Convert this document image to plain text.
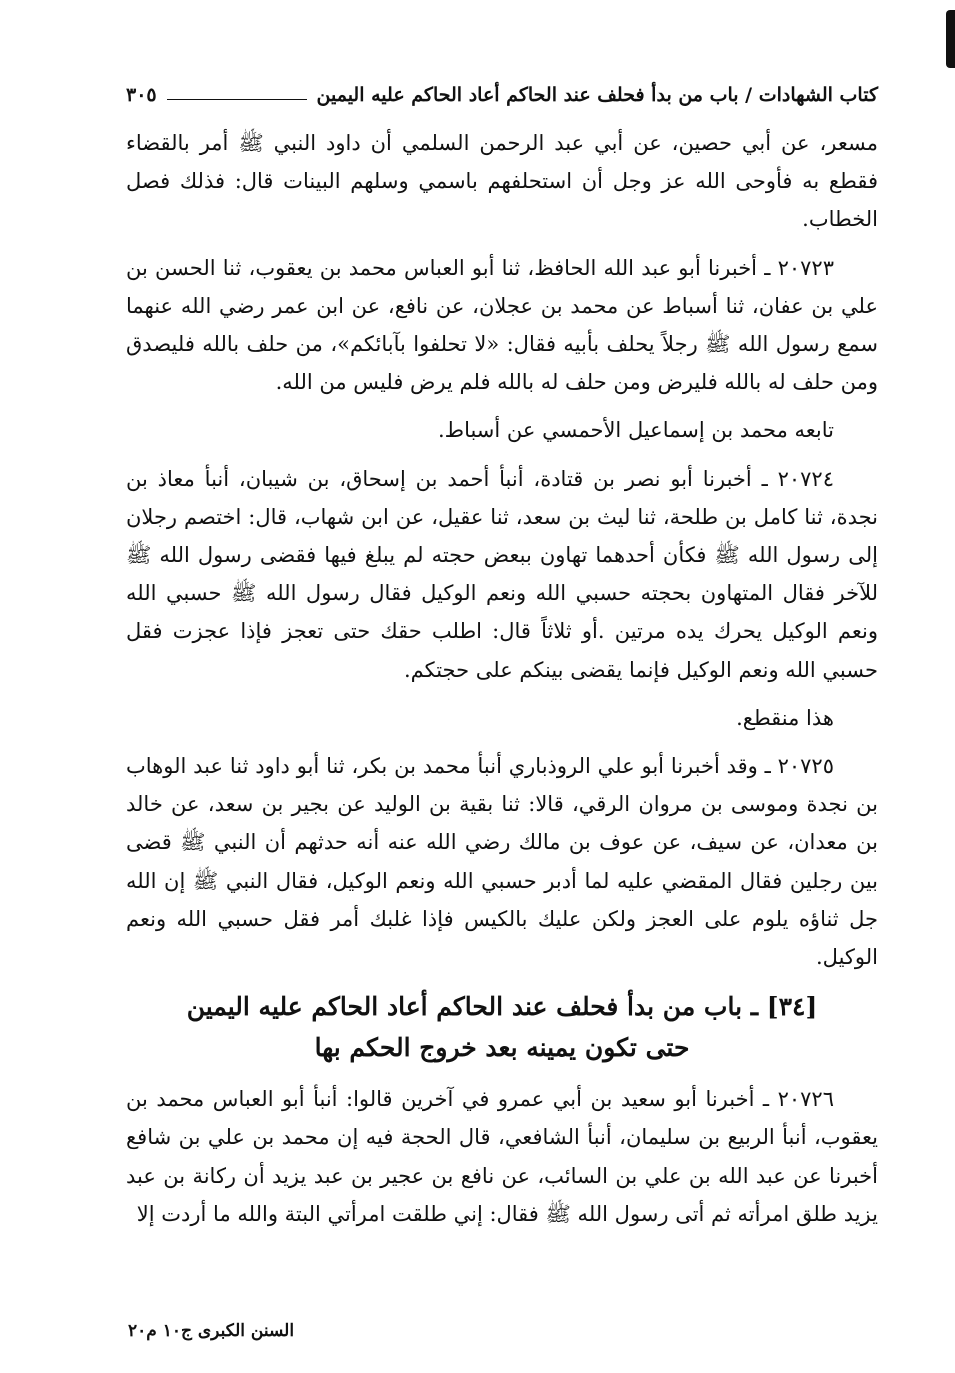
كتاب الشهادات / باب من بدأ فحلف عند الحاكم أعاد الحاكم عليه اليمين
٣٠٥

مسعر، عن أبي حصين، عن أبي عبد الرحمن السلمي أن داود النبي ﷺ أمر بالقضاء فقطع به فأوحى الله عز وجل أن استحلفهم باسمي وسلهم البينات قال: فذلك فصل الخطاب.

٢٠٧٢٣ ـ أخبرنا أبو عبد الله الحافظ، ثنا أبو العباس محمد بن يعقوب، ثنا الحسن بن علي بن عفان، ثنا أسباط عن محمد بن عجلان، عن نافع، عن ابن عمر رضي الله عنهما سمع رسول الله ﷺ رجلاً يحلف بأبيه فقال: «لا تحلفوا بآبائكم»، من حلف بالله فليصدق ومن حلف له بالله فليرض ومن حلف له بالله فلم يرض فليس من الله.

تابعه محمد بن إسماعيل الأحمسي عن أسباط.

٢٠٧٢٤ ـ أخبرنا أبو نصر بن قتادة، أنبأ أحمد بن إسحاق، بن شيبان، أنبأ معاذ بن نجدة، ثنا كامل بن طلحة، ثنا ليث بن سعد، ثنا عقيل، عن ابن شهاب، قال: اختصم رجلان إلى رسول الله ﷺ فكأن أحدهما تهاون ببعض حجته لم يبلغ فيها فقضى رسول الله ﷺ للآخر فقال المتهاون بحجته حسبي الله ونعم الوكيل فقال رسول الله ﷺ حسبي الله ونعم الوكيل يحرك يده مرتين .أو ثلاثاً قال: اطلب حقك حتى تعجز فإذا عجزت فقل حسبي الله ونعم الوكيل فإنما يقضى بينكم على حجتكم.

هذا منقطع.

٢٠٧٢٥ ـ وقد أخبرنا أبو علي الروذباري أنبأ محمد بن بكر، ثنا أبو داود ثنا عبد الوهاب بن نجدة وموسى بن مروان الرقي، قالا: ثنا بقية بن الوليد عن بجير بن سعد، عن خالد بن معدان، عن سيف، عن عوف بن مالك رضي الله عنه أنه حدثهم أن النبي ﷺ قضى بين رجلين فقال المقضي عليه لما أدبر حسبي الله ونعم الوكيل، فقال النبي ﷺ إن الله جل ثناؤه يلوم على العجز ولكن عليك بالكيس فإذا غلبك أمر فقل حسبي الله ونعم الوكيل.

[٣٤] ـ باب من بدأ فحلف عند الحاكم أعاد الحاكم عليه اليمين
حتى تكون يمينه بعد خروج الحكم بها

٢٠٧٢٦ ـ أخبرنا أبو سعيد بن أبي عمرو في آخرين قالوا: أنبأ أبو العباس محمد بن يعقوب، أنبأ الربيع بن سليمان، أنبأ الشافعي، قال الحجة فيه إن محمد بن علي بن شافع أخبرنا عن عبد الله بن علي بن السائب، عن نافع بن عجير بن عبد يزيد أن ركانة بن عبد يزيد طلق امرأته ثم أتى رسول الله ﷺ فقال: إني طلقت امرأتي البتة والله ما أردت إلا

السنن الكبرى ج١٠ م٢٠
